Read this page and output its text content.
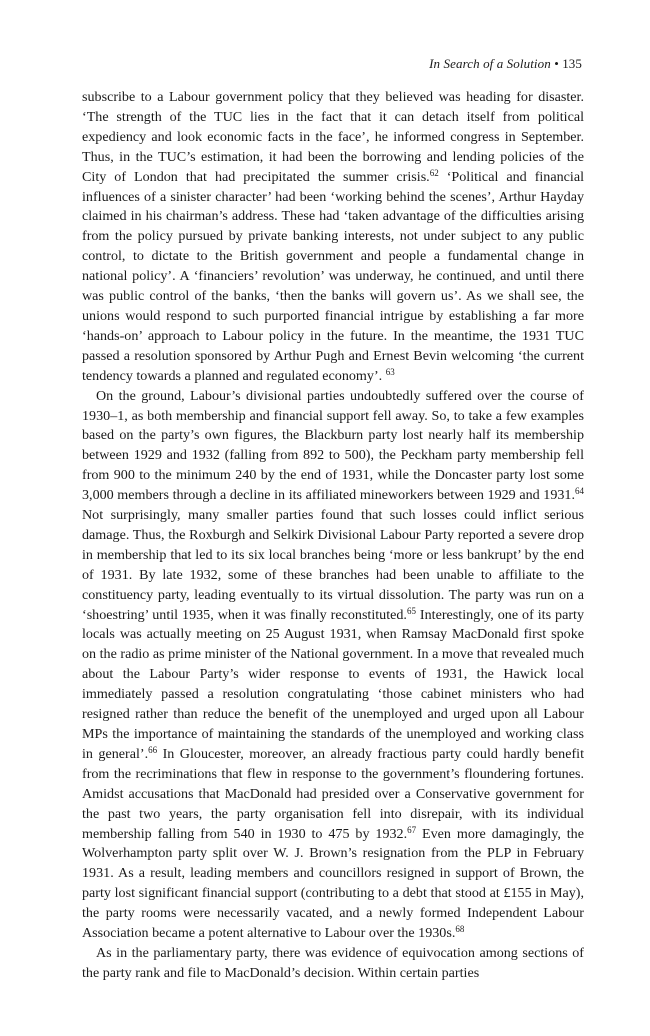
In Search of a Solution • 135

subscribe to a Labour government policy that they believed was heading for disaster. ‘The strength of the TUC lies in the fact that it can detach itself from political expediency and look economic facts in the face’, he informed congress in September. Thus, in the TUC’s estimation, it had been the borrowing and lending policies of the City of London that had precipitated the summer crisis.$^{62}$ ‘Political and financial influences of a sinister character’ had been ‘working behind the scenes’, Arthur Hayday claimed in his chairman’s address. These had ‘taken advantage of the difficulties arising from the policy pursued by private banking interests, not under subject to any public control, to dictate to the British government and people a fundamental change in national policy’. A ‘financiers’ revolution’ was underway, he continued, and until there was public control of the banks, ‘then the banks will govern us’. As we shall see, the unions would respond to such purported financial intrigue by establishing a far more ‘hands-on’ approach to Labour policy in the future. In the meantime, the 1931 TUC passed a resolution sponsored by Arthur Pugh and Ernest Bevin welcoming ‘the current tendency towards a planned and regulated economy’. $^{63}$

On the ground, Labour’s divisional parties undoubtedly suffered over the course of 1930–1, as both membership and financial support fell away. So, to take a few examples based on the party’s own figures, the Blackburn party lost nearly half its membership between 1929 and 1932 (falling from 892 to 500), the Peckham party membership fell from 900 to the minimum 240 by the end of 1931, while the Doncaster party lost some 3,000 members through a decline in its affiliated mineworkers between 1929 and 1931.64 Not surprisingly, many smaller parties found that such losses could inflict serious damage. Thus, the Roxburgh and Selkirk Divisional Labour Party reported a severe drop in membership that led to its six local branches being ‘more or less bankrupt’ by the end of 1931. By late 1932, some of these branches had been unable to affiliate to the constituency party, leading eventually to its virtual dissolution. The party was run on a ‘shoestring’ until 1935, when it was finally reconstituted.$^{65}$ Interestingly, one of its party locals was actually meeting on 25 August 1931, when Ramsay MacDonald first spoke on the radio as prime minister of the National government. In a move that revealed much about the Labour Party’s wider response to events of 1931, the Hawick local immediately passed a resolution congratulating ‘those cabinet ministers who had resigned rather than reduce the benefit of the unemployed and urged upon all Labour MPs the importance of maintaining the standards of the unemployed and working class in general’.$^{66}$ In Gloucester, moreover, an already fractious party could hardly benefit from the recriminations that flew in response to the government’s floundering fortunes. Amidst accusations that MacDonald had presided over a Conservative government for the past two years, the party organisation fell into disrepair, with its individual membership falling from 540 in 1930 to 475 by 1932.67 Even more damagingly, the Wolverhampton party split over W. J. Brown’s resignation from the PLP in February 1931. As a result, leading members and councillors resigned in support of Brown, the party lost significant financial support (contributing to a debt that stood at £155 in May), the party rooms were necessarily vacated, and a newly formed Independent Labour Association became a potent alternative to Labour over the 1930s.$^{68}$

As in the parliamentary party, there was evidence of equivocation among sections of the party rank and file to MacDonald’s decision. Within certain parties
